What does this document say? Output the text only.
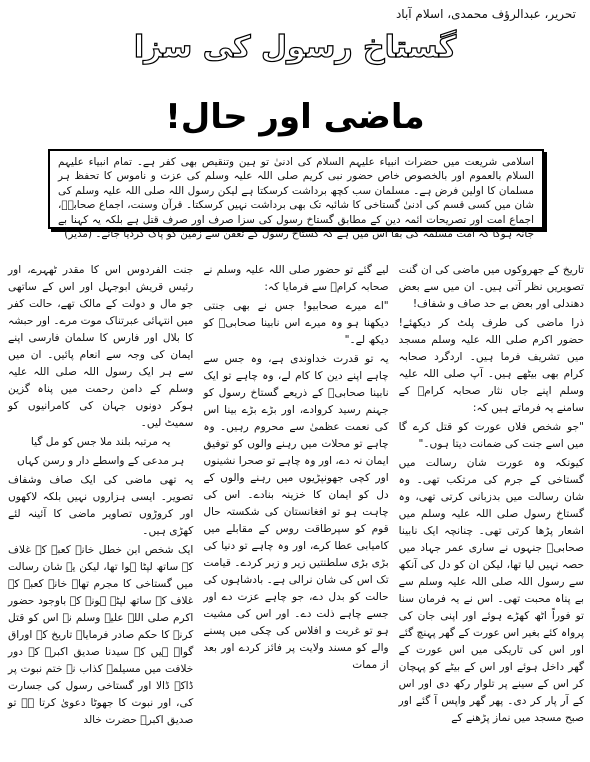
تحریر، عبدالرؤف محمدی، اسلام آباد
گستاخ رسول کی سزا
ماضی اور حال!
اسلامی شریعت میں حضرات انبیاء علیہم السلام کی ادنیٰ تو ہین وتنقیص بھی کفر ہے۔ تمام انبیاء علیہم السلام بالعموم اور بالخصوص خاص حضور نبی کریم صلی اللہ علیہ وسلم کی عزت و ناموس کا تحفظ ہر مسلمان کا اولین فرض ہے۔ مسلمان سب کچھ برداشت کرسکتا ہے لیکن رسول اللہ صلی اللہ علیہ وسلم کی شان میں کسی قسم کی ادنیٰ گستاخی کا شائبہ تک بھی برداشت نہیں کرسکتا۔ قرآن وسنت، اجماع صحابہؓ، اجماع امت اور تصریحات ائمہ دین کے مطابق گستاخ رسول کی سزا صرف اور صرف قتل ہے بلکہ یہ کہنا بے جانہ ہوگا کہ امت مسلمہ کی بقا اس میں ہے کہ گستاخ رسول کے تعفن سے زمین کو پاک کردیا جائے۔ (مدیر)

تاریخ کے جھروکوں میں ماضی کی ان گنت تصویریں نظر آتی ہیں۔ ان میں سے بعض دھندلی اور بعض بے حد صاف و شفاف!

ذرا ماضی کی طرف پلٹ کر دیکھئے! حضور اکرم صلی اللہ علیہ وسلم مسجد میں تشریف فرما ہیں۔ اردگرد صحابہ کرام بھی بیٹھے ہیں۔ آپ صلی اللہ علیہ وسلم اپنے جاں نثار صحابہ کرامؓ کے سامنے یہ فرماتے ہیں کہ:

"جو شخص فلاں عورت کو قتل کرے گا میں اسے جنت کی ضمانت دیتا ہوں۔"

کیونکہ وہ عورت شان رسالت میں گستاخی کے جرم کی مرتکب تھی۔ وہ شان رسالت میں بدزبانی کرتی تھی، وہ گستاخ رسول صلی اللہ علیہ وسلم میں اشعار پڑھا کرتی تھی۔ چنانچہ ایک نابینا صحابیؓ جنہوں نے ساری عمر جہاد میں حصہ نہیں لیا تھا، لیکن ان کو دل کی آنکھ سے رسول اللہ صلی اللہ علیہ وسلم سے بے پناہ محبت تھی۔ اس نے یہ فرمان سنا تو فوراً اٹھ کھڑے ہوئے اور اپنی جان کی پرواہ کئے بغیر اس عورت کے گھر پہنچ گئے اور اس کی تاریکی میں اس عورت کے گھر داخل ہوئے اور اس کے بیٹے کو پہچان کر اس کے سینے پر تلوار رکھ دی اور اس کے آر پار کر دی۔ پھر گھر واپس آ گئے اور صبح مسجد میں نماز پڑھنے کے

لیے گئے تو حضور صلی اللہ علیہ وسلم نے صحابہ کرامؓ سے فرمایا کہ:

"اے میرے صحابیو! جس نے بھی جنتی دیکھنا ہو وہ میرے اس نابینا صحابیؓ کو دیکھ لے۔"

یہ تو قدرت خداوندی ہے، وہ جس سے چاہے اپنے دین کا کام لے، وہ چاہے تو ایک نابینا صحابیؓ کے ذریعے گستاخ رسول کو جہنم رسید کروادے، اور بڑے بڑے بینا اس کی نعمت عظمیٰ سے محروم رہیں۔ وہ چاہے تو محلات میں رہنے والوں کو توفیق ایمان نہ دے، اور وہ چاہے تو صحرا نشینوں اور کچی جھونپڑیوں میں رہنے والوں کے دل کو ایمان کا خزینہ بنادے۔ اس کی چاہت ہو تو افغانستان کی شکستہ حال قوم کو سپرطاقت روس کے مقابلے میں کامیابی عطا کرے، اور وہ چاہے تو دنیا کی بڑی بڑی سلطنتیں زیر و زبر کردے۔ قیامت تک اس کی شان نرالی ہے۔ بادشاہوں کی حالت کو بدل دے، جو چاہے عزت دے اور جسے چاہے ذلت دے۔ اور اس کی مشیت ہو تو غربت و افلاس کی چکی میں پسنے والے کو مسند ولایت پر فائز کردے اور بعد از ممات

جنت الفردوس اس کا مقدر ٹھہرے، اور رئیس قریش ابوجہل اور اس کے ساتھی جو مال و دولت کے مالک تھے، حالت کفر میں انتہائی عبرتناک موت مرے۔ اور حبشہ کا بلال اور فارس کا سلمان فارسی اپنے ایمان کی وجہ سے انعام پائیں۔ ان میں سے ہر ایک رسول اللہ صلی اللہ علیہ وسلم کے دامن رحمت میں پناہ گزین ہوکر دونوں جہان کی کامرانیوں کو سمیٹ لیں۔

یہ مرتبہ بلند ملا جس کو مل گیا

ہر مدعی کے واسطے دار و رسن کہاں

یہ تھی ماضی کی ایک صاف وشفاف تصویر۔ ایسی ہزاروں نہیں بلکہ لاکھوں اور کروڑوں تصاویر ماضی کا آئینہ لئے کھڑی ہیں۔

ایک شخص ابن خطل خانہ کعبہ کے غلاف کے ساتھ لپٹا ہوا تھا، لیکن یہ شان رسالت میں گستاخی کا مجرم تھا۔ خانہ کعبہ کے غلاف کے ساتھ لپٹے ہونے کے باوجود حضور اکرم صلی اللہ علیہ وسلم نے اس کو قتل کرنے کا حکم صادر فرمایا۔ تاریخ کے اوراق گواہ ہیں کہ سیدنا صدیق اکبرؓ کے دور خلافت میں مسیلمہ کذاب نے ختم نبوت پر ڈاکہ ڈالا اور گستاخی رسول کی جسارت کی، اور نبوت کا جھوٹا دعویٰ کرتا ہے تو صدیق اکبرؓ حضرت خالد
